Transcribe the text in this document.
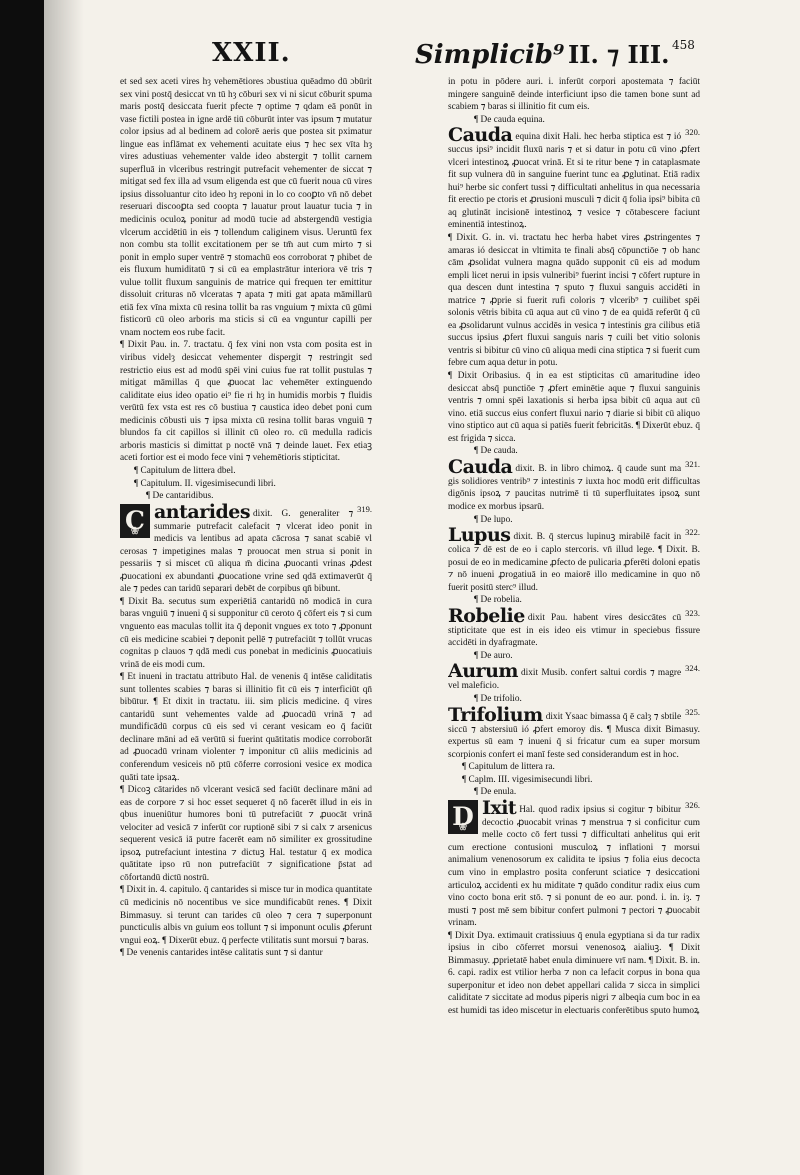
XXII.	Simplicib⁹ II. ⁊ III. 458

et sed sex aceti vires hȝ vehemētiores ɔbustiua quēadmo dū ɔbūrit sex vini postq̄ desiccat vn tū hȝ cōburi sex vi ni sicut cōburit spuma maris postq̄ desiccata fuerit pfecte ⁊ optime ⁊ qdam eā ponūt in vase fictili postea in igne ardē tiū cōburūt inter vas ipsum ⁊ mutatur color ipsius ad al bedinem ad colorē aeris que postea sit pximatur lingue eas inflāmat ex vehementi acuitate eius ⁊ hec sex vīta hȝ vires adustiuas vehementer valde ideo abstergit ⁊ tollit carnem superfluā in vlceribus restringit putrefacit vehementer de siccat ⁊ mitigat sed fex illa ad vsum eligenda est que cū fuerit noua cū vires ipsius dissoluantur cito ideo hȝ reponi in lo co cooꝑto vn̄ nō debet reseruari discooꝑta sed coopta ⁊ lauatur prout lauatur tucia ⁊ in medicinis oculoꝝ ponitur ad modū tucie ad abstergendū vestigia vlcerum accidētiū in eis ⁊ tollendum caliginem visus. Ueruntū fex non combu sta tollit excitationem per se tm̄ aut cum mirto ⁊ si ponit in emplo super ventrē ⁊ stomachū eos corroborat ⁊ phibet de eis fluxum humiditatū ⁊ si cū ea emplastrātur interiora vē tris ⁊ vulue tollit fluxum sanguinis de matrice qui frequen ter emittitur dissoluit crituras nō vlceratas ⁊ apata ⁊ miti gat apata māmillarū etiā fex vīna mixta cū resina tollit ba ras vnguium ⁊ mixta cū gūmi fisticorū cū oleo arboris ma sticis si cū ea vnguntur capilli per vnam noctem eos rube facit.

¶ Dixit Pau. in. 7. tractatu. q̄ fex vini non vsta com posita est in viribus videlȝ desiccat vehementer dispergit ⁊ restringit sed restrictio eius est ad modū spēi vini cuius fue rat tollit pustulas ⁊ mitigat māmillas q̄ que ꝓuocat lac vehemēter extinguendo caliditate eius ideo opatio ei⁹ fie ri hȝ in humidis morbis ⁊ fluidis verūtū fex vsta est res cō bustiua ⁊ caustica ideo debet poni cum medicinis cōbusti uis ⁊ ipsa mixta cū resina tollit baras vnguiū ⁊ blundos fa cit capillos si illinit cū oleo ro. cū medulla radicis arboris masticis si dimittat p noctē vnā ⁊ deinde lauet. Fex etiaꝫ aceti fortior est ei modo fece vini ⁊ vehemētioris stipticitat.

¶ Capitulum de littera dbel.

¶ Capitulum. II. vigesimisecundi libri.

¶ De cantaridibus.

319.
C ❀ antarides dixit. G. generaliter ⁊ summarie putrefacit calefacit ⁊ vlcerat ideo ponit in medicis va lentibus ad apata cācrosa ⁊ sanat scabiē vl cerosas ⁊ impetigines malas ⁊ prouocat men strua si ponit in pessariis ⁊ si miscet cū aliqua m̄ dicina ꝓuocanti vrinas ꝓdest ꝓuocationi ex abundanti ꝓuocatione vrine sed qdā extimaverūt q̄ ale ⁊ pedes can taridū separari debēt de corpibus qn̄ bibunt.

¶ Dixit Ba. secutus sum experiētiā cantaridū nō modicā in cura baras vnguiū ⁊ inueni q̄ si supponitur cū ceroto q̄ cōfert eis ⁊ si cum vnguento eas maculas tollit ita q̄ deponit vngues ex toto ⁊ ꝓponunt cū eis medicine scabiei ⁊ deponit pellē ⁊ putrefaciūt ⁊ tollūt vrucas cognitas p clauos ⁊ qdā medi cus ponebat in medicinis ꝓuocatiuis vrinā de eis modi cum.

¶ Et inueni in tractatu attributo Hal. de venenis q̄ intēse caliditatis sunt tollentes scabies ⁊ baras si illinitio fit cū eis ⁊ interficiūt qn̄ bibūtur. ¶ Et dixit in tractatu. iii. sim plicis medicine. q̄ vires cantaridū sunt vehementes valde ad ꝓuocadū vrinā ⁊ ad mundificādū corpus cū eis sed vi cerant vesicam eo q̄ faciūt declinare māni ad eā verūtū si fuerint quātitatis modice corroborāt ad ꝓuocadū vrinam violenter ⁊ imponitur cū aliis medicinis ad conferendum vesiceis nō ptū cōferre corrosioni vesice ex modica quāti tate ipsaꝝ.

¶ Dicoꝫ cātarides nō vlcerant vesicā sed faciūt declinare māni ad eas de corpore ⁊ si hoc esset sequeret q̄ nō facerēt illud in eis in qbus inueniūtur humores boni tū putrefaciūt ⁊ ꝓuocāt vrinā velociter ad vesicā ⁊ inferūt cor ruptionē sibi ⁊ si calx ⁊ arsenicus sequerent vesicā iā putre facerēt eam nō similiter ex grossitudine ipsoꝝ putrefaciunt intestina ⁊ dictuꝫ Hal. testatur q̄ ex modica quātitate ipso rū non putrefaciūt ⁊ significatione p̄stat ad cōfortandū dictū nostrū.

¶ Dixit in. 4. capitulo. q̄ cantarides si misce tur in modica quantitate cū medicinis nō nocentibus ve sice mundificabūt renes. ¶ Dixit Bimmasuy. si terunt can tarides cū oleo ⁊ cera ⁊ superponunt puncticulis albis vn guium eos tollunt ⁊ si imponunt oculis ꝓferunt vngui eoꝝ. ¶ Dixerūt ebuz. q̄ perfecte vtilitatis sunt morsui ⁊ baras.

¶ De venenis cantarides intēse calitatis sunt ⁊ si dantur

in potu in pōdere auri. i. inferūt corpori apostemata ⁊ faciūt mingere sanguinē deinde interficiunt ipso die tamen bone sunt ad scabiem ⁊ baras si illinitio fit cum eis.

¶ De cauda equina.

320.
Cauda equina dixit Hali. hec herba stiptica est ⁊ ió succus ipsi⁹ incidit fluxū naris ⁊ et si datur in potu cū vino ꝓfert vlceri intestinoꝝ ꝓuocat vrinā. Et si te ritur bene ⁊ in cataplasmate fit sup vulnera dū in sanguine fuerint tunc ea ꝓglutinat. Etiā radix hui⁹ herbe sic confert tussi ⁊ difficultati anhelitus in qua necessaria fit erectio pe ctoris et ꝓrusioni musculi ⁊ dicit q̄ folia ipsi⁹ bibita cū aq glutināt incisionē intestinoꝝ ⁊ vesice ⁊ cōtabescere faciunt eminentiā intestinoꝝ.

¶ Dixit. G. in. vi. tractatu hec herba habet vires ꝓstringentes ⁊ amaras ió desiccat in vltimita te finali absq̄ cōpunctiōe ⁊ ob hanc cām ꝓsolidat vulnera magna quādo supponit cū eis ad modum empli licet nerui in ipsis vulneribi⁹ fuerint incisi ⁊ cōfert rupture in qua descen dunt intestina ⁊ sputo ⁊ fluxui sanguis accidēti in matrice ⁊ ꝓprie si fuerit rufi coloris ⁊ vlcerib⁹ ⁊ cuilibet spēi solonis vētris bibita cū aqua aut cū vino ⁊ de ea quidā referūt q̄ cū ea ꝓsolidarunt vulnus accidēs in vesica ⁊ intestinis gra cilibus etiā succus ipsius ꝓfert fluxui sanguis naris ⁊ cuili bet vitio solonis ventris si bibitur cū vino cū aliqua medi cina stiptica ⁊ si fuerit cum febre cum aqua detur in potu.

¶ Dixit Oribasius. q̄ in ea est stipticitas cū amaritudine ideo desiccat absq̄ punctiōe ⁊ ꝓfert eminētie aque ⁊ fluxui sanguinis ventris ⁊ omni spēi laxationis si herba ipsa bibit cū aqua aut cū vino. etiā succus eius confert fluxui nario ⁊ diarie si bibit cū aliquo vino stiptico aut cū aqua si patiēs fuerit febricitās. ¶ Dixerūt ebuz. q̄ est frigida ⁊ sicca.

¶ De cauda.

321.
Cauda dixit. B. in libro chimoꝝ. q̄ caude sunt ma gis solidiores ventrib⁹ ⁊ intestinis ⁊ iuxta hoc modū erit difficultas digōnis ipsoꝝ ⁊ paucitas nutrimē ti tū superfluitates ipsoꝝ sunt modice ex morbus ipsarū.

¶ De lupo.

322.
Lupus dixit. B. q̄ stercus lupinuꝫ mirabilē facit in colica ⁊ dē est de eo i caplo stercoris. vn̄ illud lege. ¶ Dixit. B. posui de eo in medicamine ꝓfecto de pulicaria ꝓferēti doloni epatis ⁊ nō inueni ꝓrogatiuā in eo maiorē illo medicamine in quo nō fuerit positū sterc⁹ illud.

¶ De robelia.

323.
Robelie dixit Pau. habent vires desiccātes cū stipticitate que est in eis ideo eis vtimur in speciebus fissure accidēti in dyafragmate.

¶ De auro.

324.
Aurum dixit Musib. confert saltui cordis ⁊ magre vel maleficio.

¶ De trifolio.

325.
Trifolium dixit Ysaac bimassa q̄ ē calȝ ⁊ sbtile siccū ⁊ abstersiuū ió ꝓfert emoroy dis. ¶ Musca dixit Bimasuy. expertus sū eam ⁊ inueni q̄ si fricatur cum ea super morsum scorpionis confert ei manī feste sed considerandum est in hoc.

¶ Capitulum de littera ra.

¶ Caplm. III. vigesimisecundi libri.

¶ De enula.

326.
D ❀ Ixit Hal. quod radix ipsius si cogitur ⁊ bibitur decoctio ꝓuocabit vrinas ⁊ menstrua ⁊ si conficitur cum melle cocto cō fert tussi ⁊ difficultati anhelitus qui erit cum erectione contusioni musculoꝝ ⁊ inflationi ⁊ morsui animalium venenosorum ex calidita te ipsius ⁊ folia eius decocta cum vino in emplastro posita conferunt sciatice ⁊ desiccationi articuloꝝ accidenti ex hu miditate ⁊ quādo conditur radix eius cum vino cocto bona erit stō. ⁊ si ponunt de eo aur. pond. i. in. iȝ. ⁊ musti ⁊ post mē sem bibitur confert pulmoni ⁊ pectori ⁊ ꝓuocabit vrinam.

¶ Dixit Dya. extimauit cratissiuus q̄ enula egyptiana si da tur radix ipsius in cibo cōferret morsui venenosoꝝ aialiuꝫ. ¶ Dixit Bimmasuy. ꝓprietatē habet enula diminuere vrī nam. ¶ Dixit. B. in. 6. capi. radix est vtilior herba ⁊ non ca lefacit corpus in bona qua superponitur et ideo non debet appellari calida ⁊ sicca in simplici caliditate ⁊ siccitate ad modus piperis nigri ⁊ albeqia cum boc in ea est humidi tas ideo miscetur in electuaris conferētibus sputo humoꝝ
